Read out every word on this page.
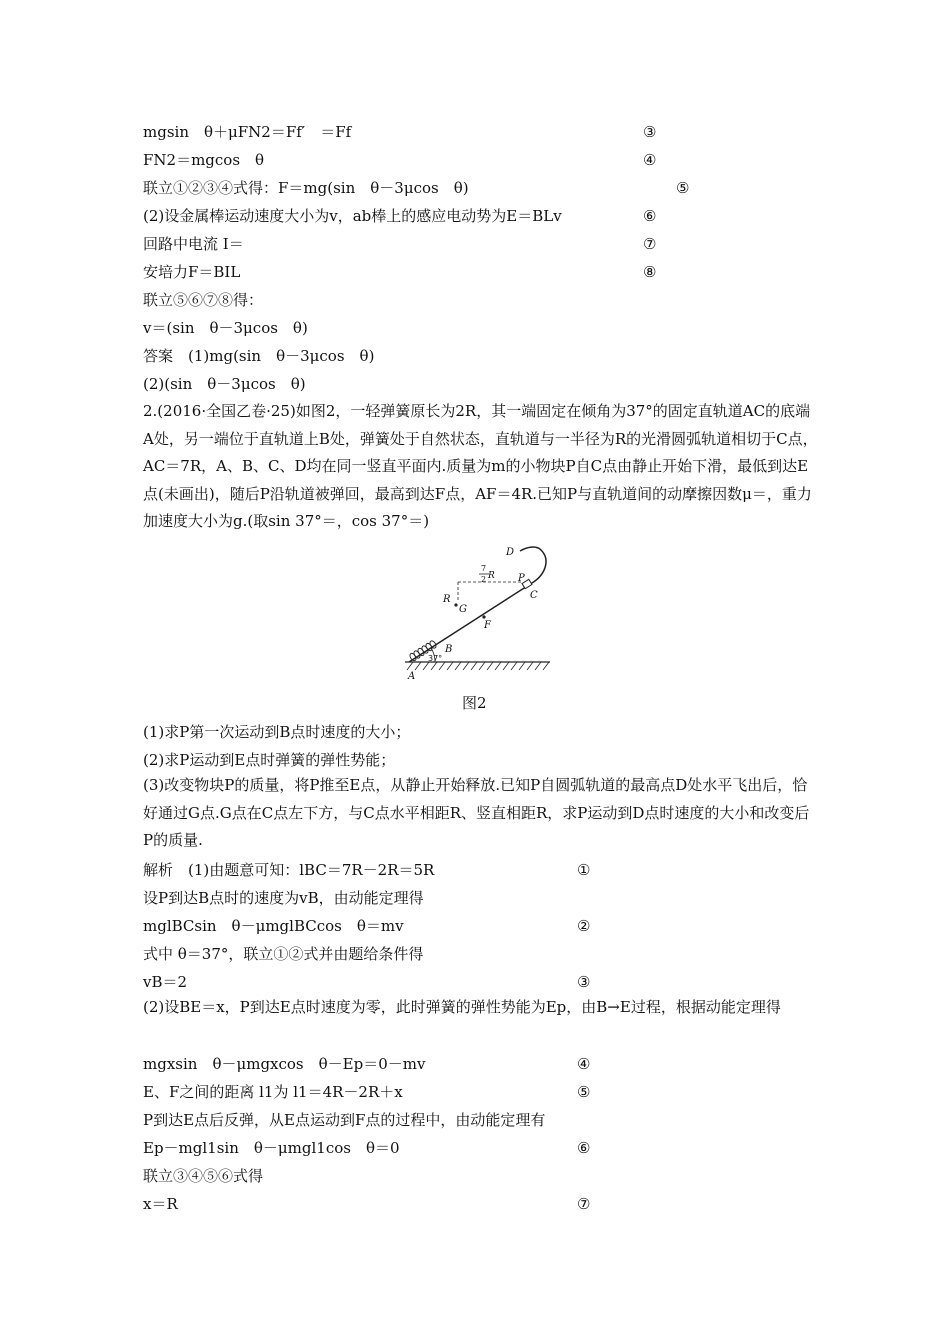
mgsin　θ＋μFN2＝Ff′　＝Ff	③
FN2＝mgcos　θ	④
联立①②③④式得：F＝mg(sin　θ－3μcos　θ)	⑤
(2)设金属棒运动速度大小为v，ab棒上的感应电动势为E＝BLv	⑥
回路中电流 I＝	⑦
安培力F＝BIL	⑧
联立⑤⑥⑦⑧得：
v＝(sin　θ－3μcos　θ)
答案　(1)mg(sin　θ－3μcos　θ)
(2)(sin　θ－3μcos　θ)
2.(2016·全国乙卷·25)如图2，一轻弹簧原长为2R，其一端固定在倾角为37°的固定直轨道AC的底端A处，另一端位于直轨道上B处，弹簧处于自然状态，直轨道与一半径为R的光滑圆弧轨道相切于C点，AC＝7R，A、B、C、D均在同一竖直平面内.质量为m的小物块P自C点由静止开始下滑，最低到达E点(未画出)，随后P沿轨道被弹回，最高到达F点，AF＝4R.已知P与直轨道间的动摩擦因数μ＝，重力加速度大小为g.(取sin 37°＝，cos 37°＝)
D
P
C
R
G
F
B
A
7
2 R
37°
图2
(1)求P第一次运动到B点时速度的大小；
(2)求P运动到E点时弹簧的弹性势能；
(3)改变物块P的质量，将P推至E点，从静止开始释放.已知P自圆弧轨道的最高点D处水平飞出后，恰好通过G点.G点在C点左下方，与C点水平相距R、竖直相距R，求P运动到D点时速度的大小和改变后P的质量.
解析　(1)由题意可知：lBC＝7R－2R＝5R	①
设P到达B点时的速度为vB，由动能定理得
mglBCsin　θ－μmglBCcos　θ＝mv	②
式中 θ＝37°，联立①②式并由题给条件得
vB＝2	③
(2)设BE＝x，P到达E点时速度为零，此时弹簧的弹性势能为Ep，由B→E过程，根据动能定理得
mgxsin　θ－μmgxcos　θ－Ep＝0－mv	④
E、F之间的距离 l1为 l1＝4R－2R＋x	⑤
P到达E点后反弹，从E点运动到F点的过程中，由动能定理有
Ep－mgl1sin　θ－μmgl1cos　θ＝0	⑥
联立③④⑤⑥式得
x＝R	⑦
